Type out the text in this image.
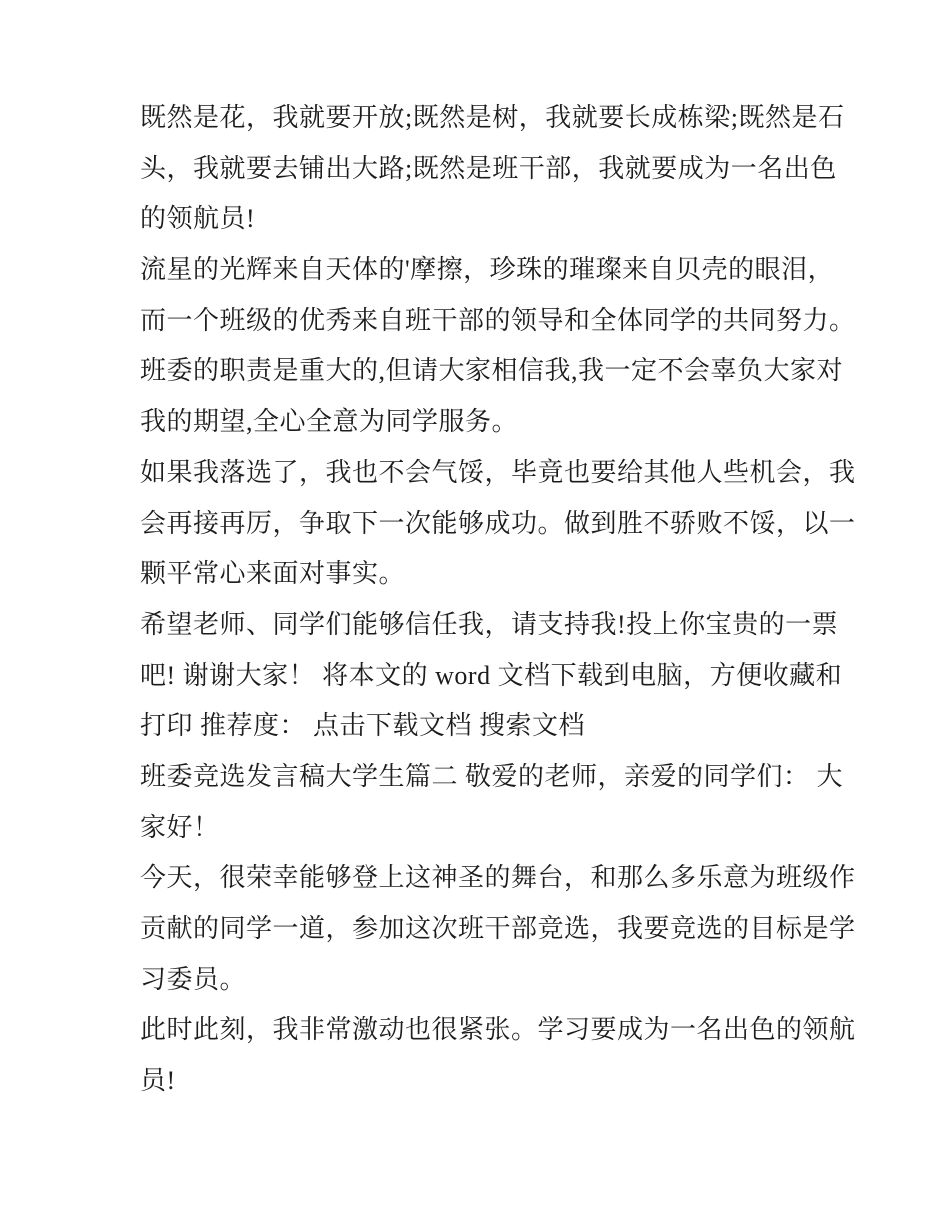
既然是花，我就要开放;既然是树，我就要长成栋梁;既然是石
头，我就要去铺出大路;既然是班干部，我就要成为一名出色
的领航员!
流星的光辉来自天体的'摩擦，珍珠的璀璨来自贝壳的眼泪，
而一个班级的优秀来自班干部的领导和全体同学的共同努力。
班委的职责是重大的,但请大家相信我,我一定不会辜负大家对
我的期望,全心全意为同学服务。
如果我落选了，我也不会气馁，毕竟也要给其他人些机会，我
会再接再厉，争取下一次能够成功。做到胜不骄败不馁，以一
颗平常心来面对事实。
希望老师、同学们能够信任我，请支持我!投上你宝贵的一票
吧! 谢谢大家！ 将本文的 word 文档下载到电脑，方便收藏和
打印 推荐度： 点击下载文档 搜索文档
班委竞选发言稿大学生篇二 敬爱的老师，亲爱的同学们： 大
家好！
今天，很荣幸能够登上这神圣的舞台，和那么多乐意为班级作
贡献的同学一道，参加这次班干部竞选，我要竞选的目标是学
习委员。
此时此刻，我非常激动也很紧张。学习要成为一名出色的领航
员!
